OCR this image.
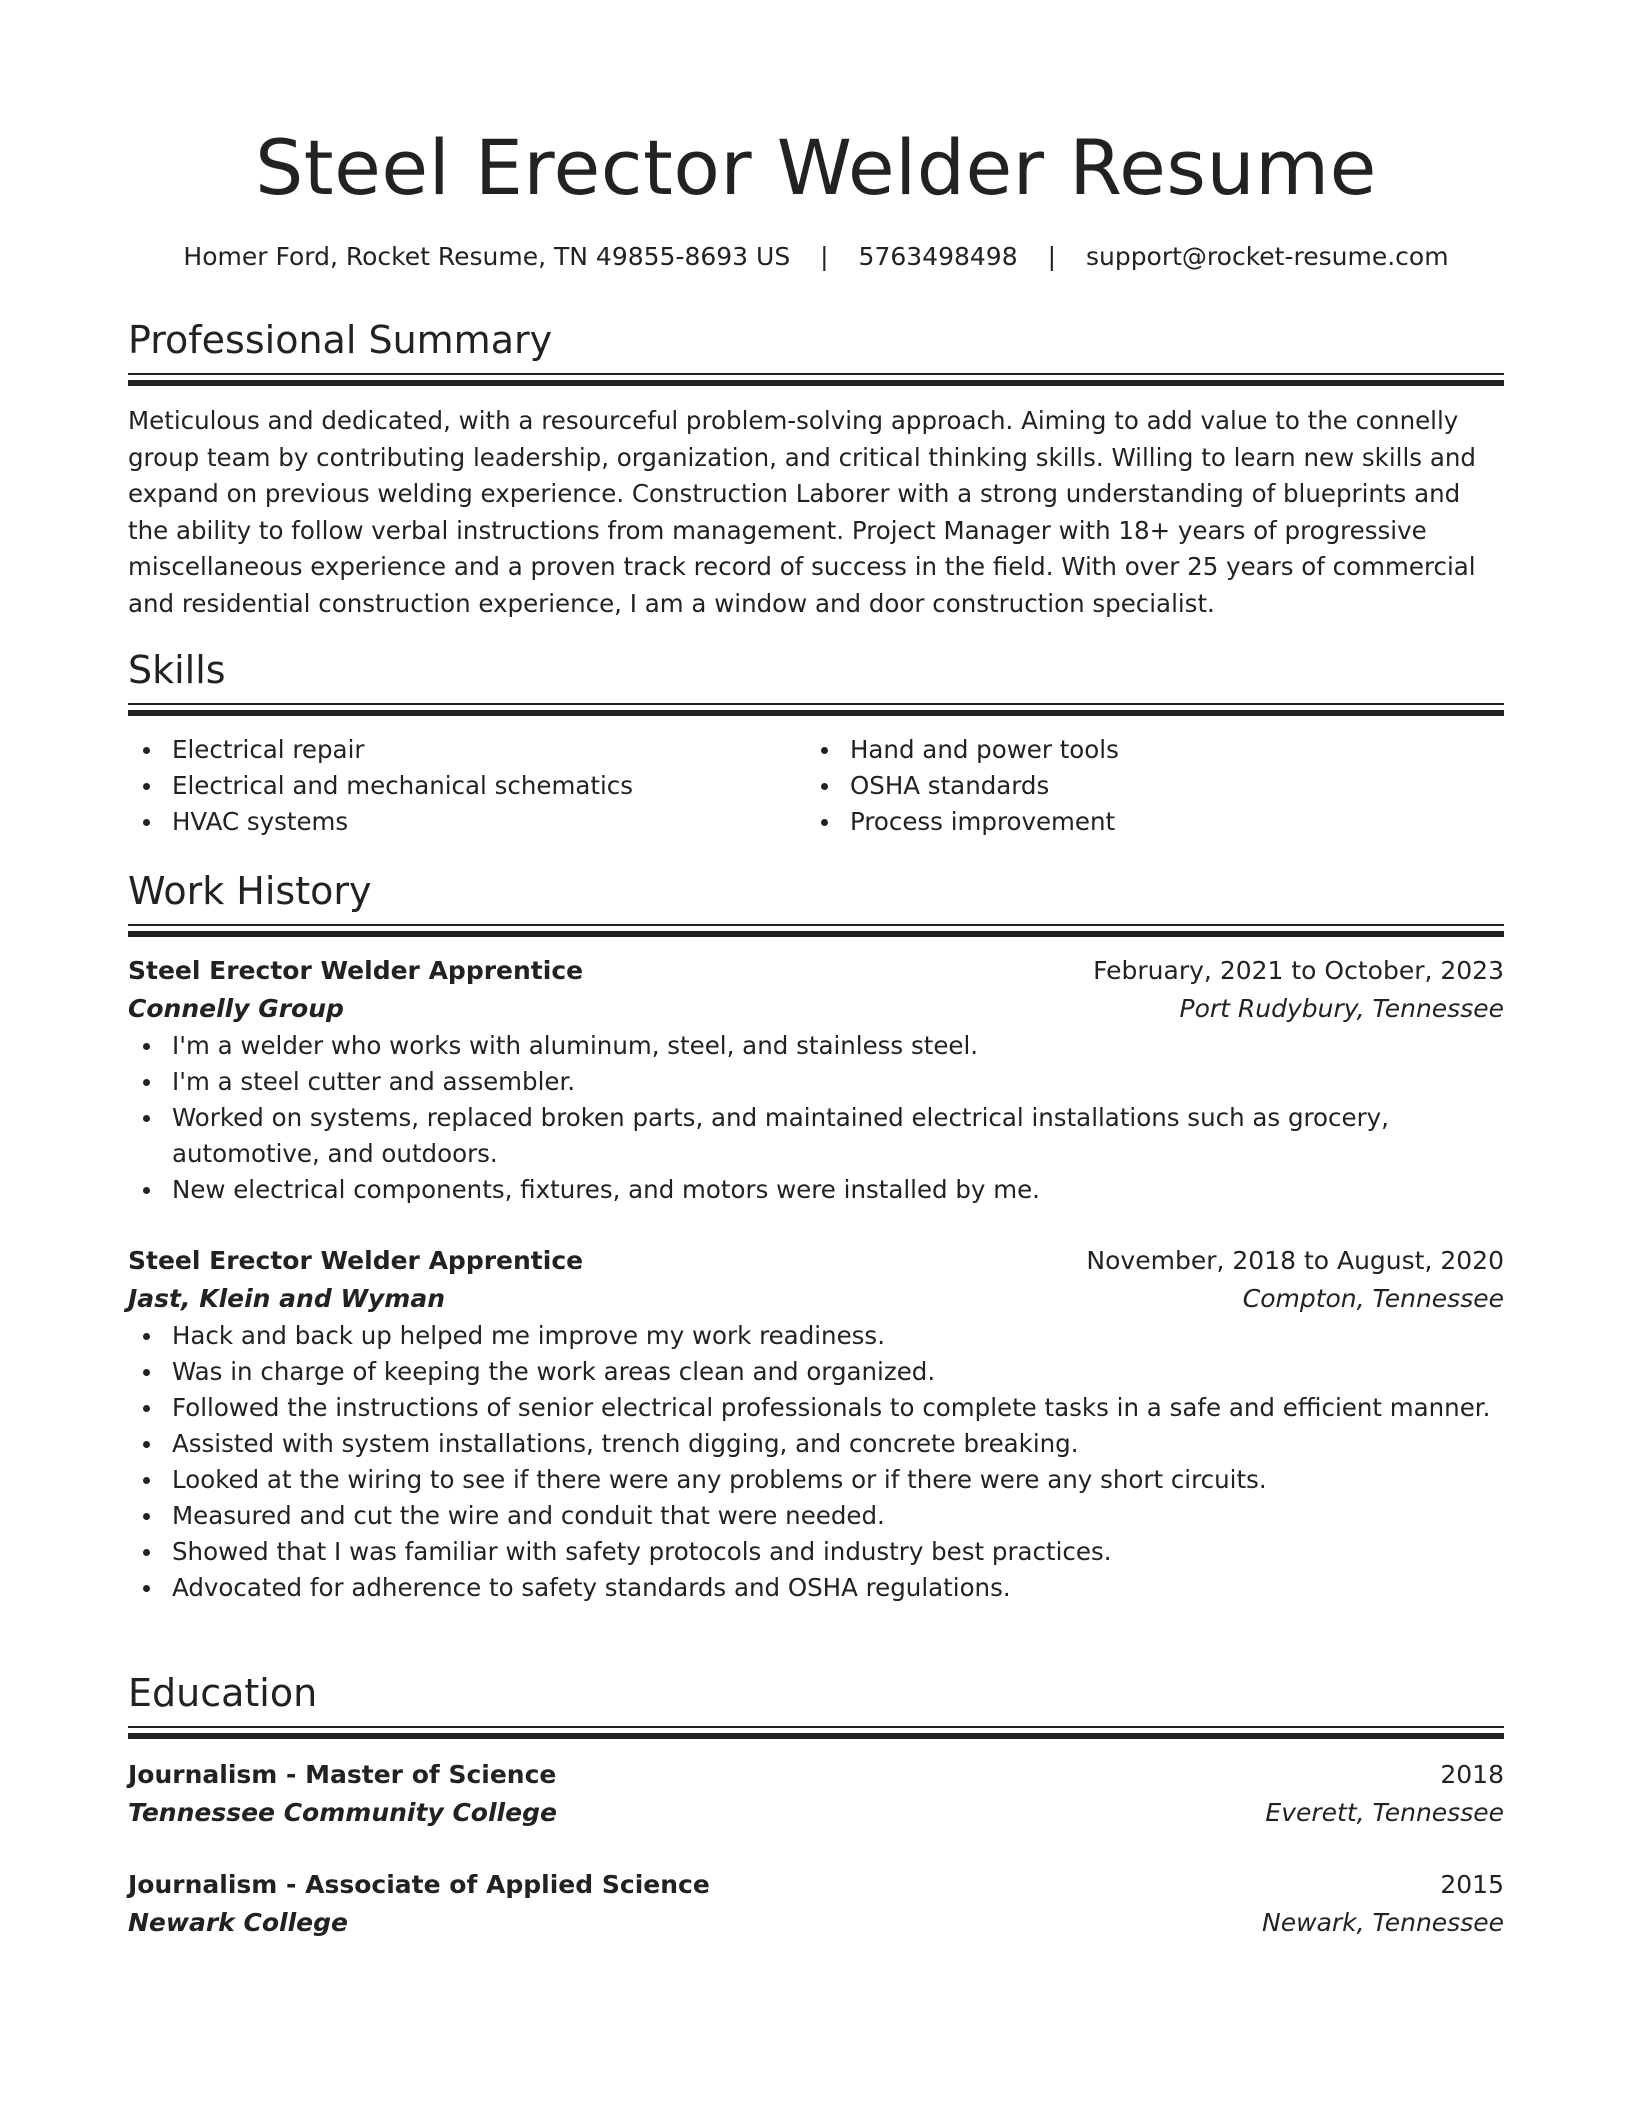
Steel Erector Welder Resume
Homer Ford, Rocket Resume, TN 49855-8693 US | 5763498498 | support@rocket-resume.com
Professional Summary

Meticulous and dedicated, with a resourceful problem-solving approach. Aiming to add value to the connelly group team by contributing leadership, organization, and critical thinking skills. Willing to learn new skills and expand on previous welding experience. Construction Laborer with a strong understanding of blueprints and the ability to follow verbal instructions from management. Project Manager with 18+ years of progressive miscellaneous experience and a proven track record of success in the field. With over 25 years of commercial and residential construction experience, I am a window and door construction specialist.

Skills
Electrical repair
Electrical and mechanical schematics
HVAC systems
Hand and power tools
OSHA standards
Process improvement
Work History
Steel Erector Welder Apprentice	February, 2021 to October, 2023
Connelly Group	Port Rudybury, Tennessee
I'm a welder who works with aluminum, steel, and stainless steel.
I'm a steel cutter and assembler.
Worked on systems, replaced broken parts, and maintained electrical installations such as grocery, automotive, and outdoors.
New electrical components, fixtures, and motors were installed by me.
Steel Erector Welder Apprentice	November, 2018 to August, 2020
Jast, Klein and Wyman	Compton, Tennessee
Hack and back up helped me improve my work readiness.
Was in charge of keeping the work areas clean and organized.
Followed the instructions of senior electrical professionals to complete tasks in a safe and efficient manner.
Assisted with system installations, trench digging, and concrete breaking.
Looked at the wiring to see if there were any problems or if there were any short circuits.
Measured and cut the wire and conduit that were needed.
Showed that I was familiar with safety protocols and industry best practices.
Advocated for adherence to safety standards and OSHA regulations.
Education
Journalism - Master of Science	2018
Tennessee Community College	Everett, Tennessee
Journalism - Associate of Applied Science	2015
Newark College	Newark, Tennessee
